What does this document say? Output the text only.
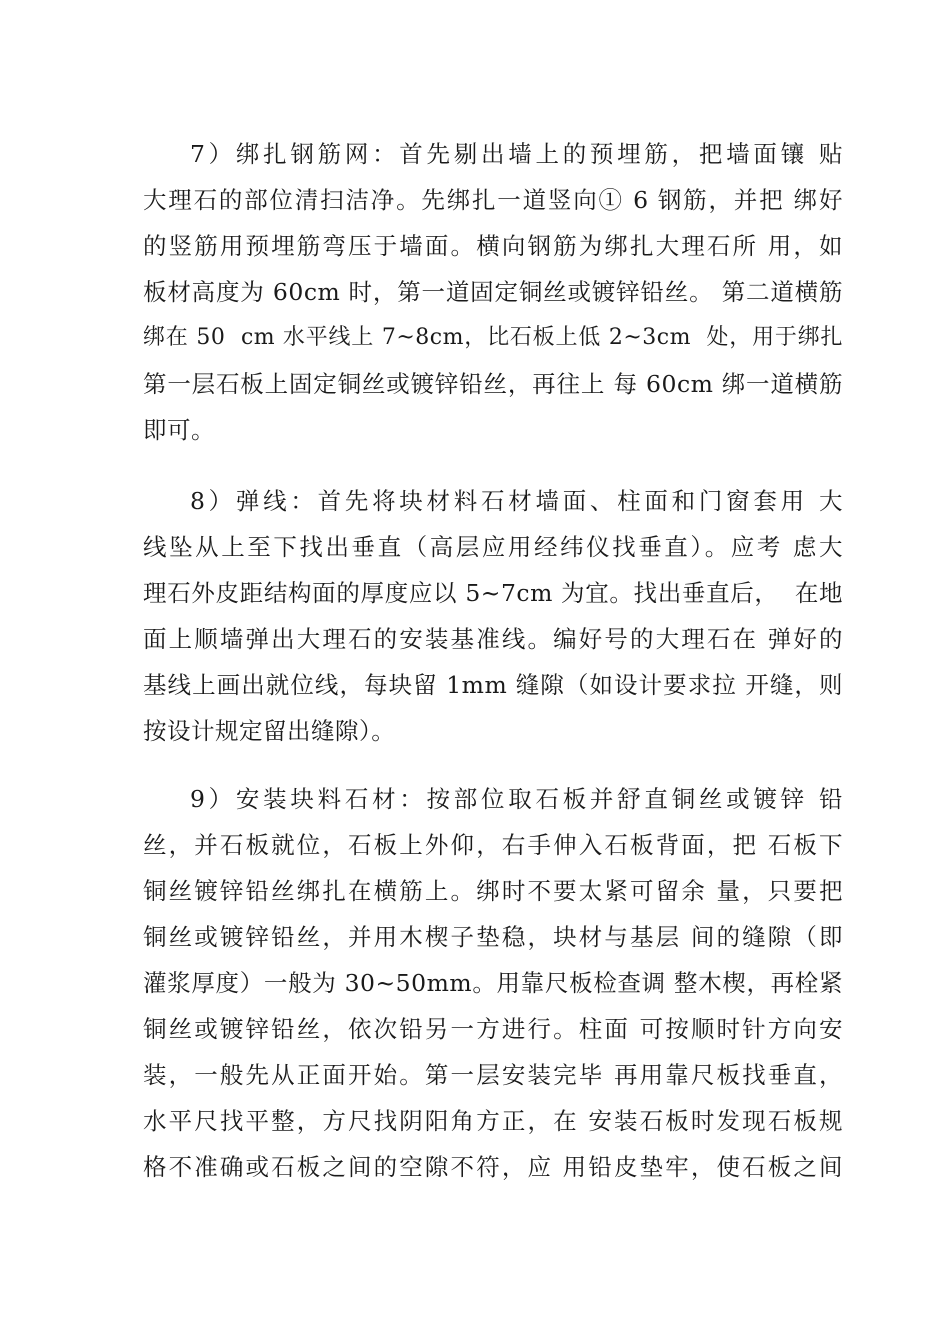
7）绑扎钢筋网：首先剔出墙上的预埋筋，把墙面镶 贴
大理石的部位清扫洁净。先绑扎一道竖向① 6 钢筋，并把 绑好
的竖筋用预埋筋弯压于墙面。横向钢筋为绑扎大理石所 用，如
板材高度为 60cm 时，第一道固定铜丝或镀锌铅丝。 第二道横筋
绑在 50  cm 水平线上 7~8cm，比石板上低 2~3cm  处，用于绑扎
第一层石板上固定铜丝或镀锌铅丝，再往上 每 60cm 绑一道横筋
即可。
8）弹线：首先将块材料石材墙面、柱面和门窗套用 大
线坠从上至下找出垂直（高层应用经纬仪找垂直）。应考 虑大
理石外皮距结构面的厚度应以 5~7cm 为宜。找出垂直后，  在地
面上顺墙弹出大理石的安装基准线。编好号的大理石在 弹好的
基线上画出就位线，每块留 1mm 缝隙（如设计要求拉 开缝，则
按设计规定留出缝隙）。
9）安装块料石材：按部位取石板并舒直铜丝或镀锌 铅
丝，并石板就位，石板上外仰，右手伸入石板背面，把 石板下
铜丝镀锌铅丝绑扎在横筋上。绑时不要太紧可留余 量，只要把
铜丝或镀锌铅丝，并用木楔子垫稳，块材与基层 间的缝隙（即
灌浆厚度）一般为 30~50mm。用靠尺板检查调 整木楔，再栓紧
铜丝或镀锌铅丝，依次铅另一方进行。柱面 可按顺时针方向安
装，一般先从正面开始。第一层安装完毕 再用靠尺板找垂直，
水平尺找平整，方尺找阴阳角方正，在 安装石板时发现石板规
格不准确或石板之间的空隙不符，应 用铅皮垫牢，使石板之间
